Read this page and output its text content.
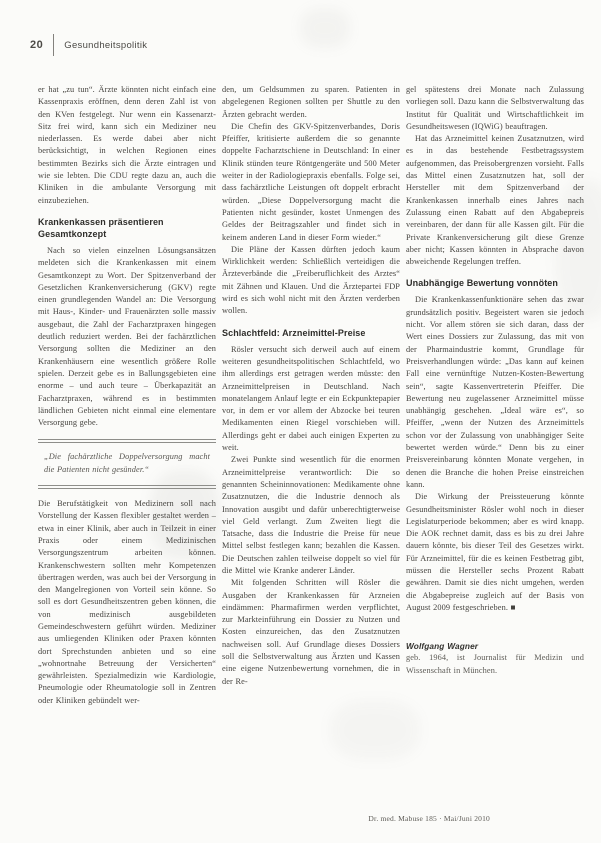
20 Gesundheitspolitik

er hat „zu tun“. Ärzte könnten nicht einfach eine Kassenpraxis eröffnen, denn deren Zahl ist von den KVen festgelegt. Nur wenn ein Kassenarzt-Sitz frei wird, kann sich ein Mediziner neu niederlassen. Es werde dabei aber nicht berücksichtigt, in welchen Regionen eines bestimmten Bezirks sich die Ärzte eintragen und wie sie lebten. Die CDU regte dazu an, auch die Kliniken in die ambulante Versorgung mit einzubeziehen.

Krankenkassen präsentieren Gesamtkonzept

Nach so vielen einzelnen Lösungsansätzen meldeten sich die Krankenkassen mit einem Gesamtkonzept zu Wort. Der Spitzenverband der Gesetzlichen Krankenversicherung (GKV) regte einen grundlegenden Wandel an: Die Versorgung mit Haus-, Kinder- und Frauenärzten solle massiv ausgebaut, die Zahl der Facharztpraxen hingegen deutlich reduziert werden. Bei der fachärztlichen Versorgung sollten die Mediziner an den Krankenhäusern eine wesentlich größere Rolle spielen. Derzeit gebe es in Ballungsgebieten eine enorme – und auch teure – Überkapazität an Facharztpraxen, während es in bestimmten ländlichen Gebieten nicht einmal eine elementare Versorgung gebe.

„Die fachärztliche Doppelversorgung macht die Patienten nicht gesünder.“

Die Berufstätigkeit von Medizinern soll nach Vorstellung der Kassen flexibler gestaltet werden – etwa in einer Klinik, aber auch in Teilzeit in einer Praxis oder einem Medizinischen Versorgungszentrum arbeiten können. Krankenschwestern sollten mehr Kompetenzen übertragen werden, was auch bei der Versorgung in den Mangelregionen von Vorteil sein könne. So soll es dort Gesundheitszentren geben können, die von medizinisch ausgebildeten Gemeindeschwestern geführt würden. Mediziner aus umliegenden Kliniken oder Praxen könnten dort Sprechstunden anbieten und so eine „wohnortnahe Betreuung der Versicherten“ gewährleisten. Spezialmedizin wie Kardiologie, Pneumologie oder Rheumatologie soll in Zentren oder Kliniken gebündelt wer-

den, um Geldsummen zu sparen. Patienten in abgelegenen Regionen sollten per Shuttle zu den Ärzten gebracht werden.

Die Chefin des GKV-Spitzenverbandes, Doris Pfeiffer, kritisierte außerdem die so genannte doppelte Facharztschiene in Deutschland: In einer Klinik stünden teure Röntgengeräte und 500 Meter weiter in der Radiologiepraxis ebenfalls. Folge sei, dass fachärztliche Leistungen oft doppelt erbracht würden. „Diese Doppelversorgung macht die Patienten nicht gesünder, kostet Unmengen des Geldes der Beitragszahler und findet sich in keinem anderen Land in dieser Form wieder.“

Die Pläne der Kassen dürften jedoch kaum Wirklichkeit werden: Schließlich verteidigen die Ärzteverbände die „Freiberuflichkeit des Arztes“ mit Zähnen und Klauen. Und die Ärztepartei FDP wird es sich wohl nicht mit den Ärzten verderben wollen.

Schlachtfeld: Arzneimittel-Preise

Rösler versucht sich derweil auch auf einem weiteren gesundheitspolitischen Schlachtfeld, wo ihm allerdings erst getragen werden müsste: den Arzneimittelpreisen in Deutschland. Nach monatelangem Anlauf legte er ein Eckpunktepapier vor, in dem er vor allem der Abzocke bei teuren Medikamenten einen Riegel vorschieben will. Allerdings geht er dabei auch einigen Experten zu weit.

Zwei Punkte sind wesentlich für die enormen Arzneimittelpreise verantwortlich: Die so genannten Scheininnovationen: Medikamente ohne Zusatznutzen, die die Industrie dennoch als Innovation ausgibt und dafür unberechtigterweise viel Geld verlangt. Zum Zweiten liegt die Tatsache, dass die Industrie die Preise für neue Mittel selbst festlegen kann; bezahlen die Kassen. Die Deutschen zahlen teilweise doppelt so viel für die Mittel wie Kranke anderer Länder.

Mit folgenden Schritten will Rösler die Ausgaben der Krankenkassen für Arzneien eindämmen: Pharmafirmen werden verpflichtet, zur Markteinführung ein Dossier zu Nutzen und Kosten einzureichen, das den Zusatznutzen nachweisen soll. Auf Grundlage dieses Dossiers soll die Selbstverwaltung aus Ärzten und Kassen eine eigene Nutzenbewertung vornehmen, die in der Re-

gel spätestens drei Monate nach Zulassung vorliegen soll. Dazu kann die Selbstverwaltung das Institut für Qualität und Wirtschaftlichkeit im Gesundheitswesen (IQWiG) beauftragen.

Hat das Arzneimittel keinen Zusatznutzen, wird es in das bestehende Festbetragssystem aufgenommen, das Preisobergrenzen vorsieht. Falls das Mittel einen Zusatznutzen hat, soll der Hersteller mit dem Spitzenverband der Krankenkassen innerhalb eines Jahres nach Zulassung einen Rabatt auf den Abgabepreis vereinbaren, der dann für alle Kassen gilt. Für die Private Krankenversicherung gilt diese Grenze aber nicht; Kassen könnten in Absprache davon abweichende Regelungen treffen.

Unabhängige Bewertung vonnöten

Die Krankenkassenfunktionäre sehen das zwar grundsätzlich positiv. Begeistert waren sie jedoch nicht. Vor allem stören sie sich daran, dass der Wert eines Dossiers zur Zulassung, das mit von der Pharmaindustrie kommt, Grundlage für Preisverhandlungen würde: „Das kann auf keinen Fall eine vernünftige Nutzen-Kosten-Bewertung sein“, sagte Kassenvertreterin Pfeiffer. Die Bewertung neu zugelassener Arzneimittel müsse unabhängig geschehen. „Ideal wäre es“, so Pfeiffer, „wenn der Nutzen des Arzneimittels schon vor der Zulassung von unabhängiger Seite bewertet werden würde.“ Denn bis zu einer Preisvereinbarung könnten Monate vergehen, in denen die Branche die hohen Preise einstreichen kann.

Die Wirkung der Preissteuerung könnte Gesundheitsminister Rösler wohl noch in dieser Legislaturperiode bekommen; aber es wird knapp. Die AOK rechnet damit, dass es bis zu drei Jahre dauern könnte, bis dieser Teil des Gesetzes wirkt. Für Arzneimittel, für die es keinen Festbetrag gibt, müssen die Hersteller sechs Prozent Rabatt gewähren. Damit sie dies nicht umgehen, werden die Abgabepreise zugleich auf der Basis von August 2009 festgeschrieben. ■

Wolfgang Wagner

geb. 1964, ist Journalist für Medizin und Wissenschaft in München.

Dr. med. Mabuse 185 · Mai/Juni 2010
